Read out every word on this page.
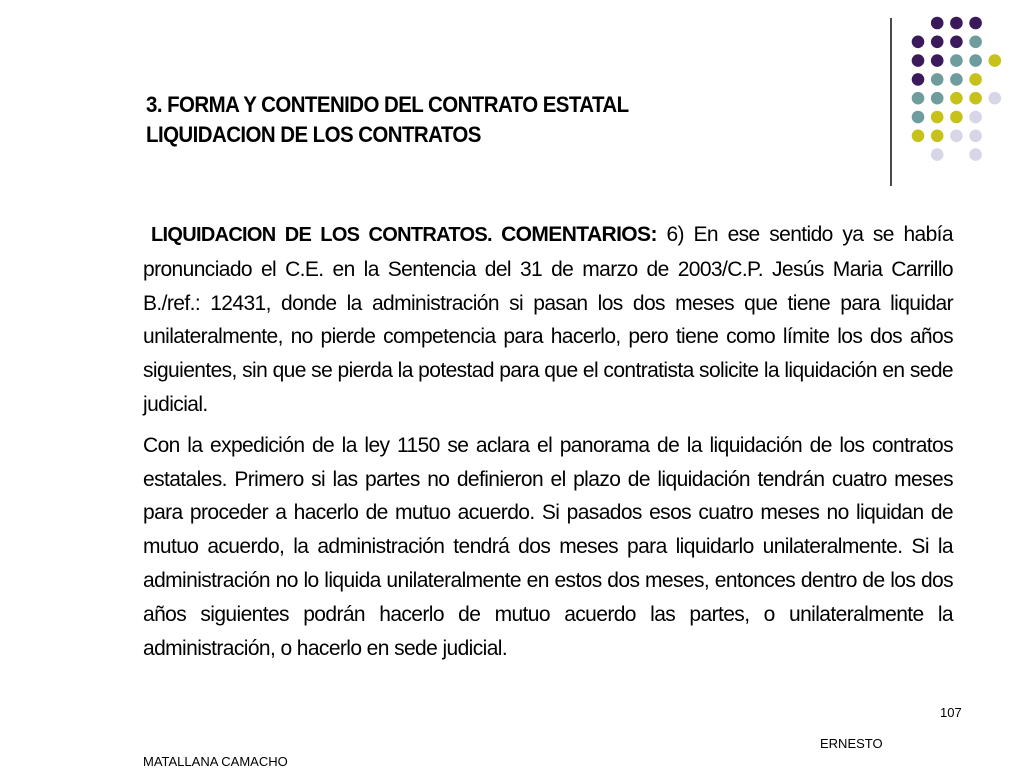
3. FORMA Y CONTENIDO DEL CONTRATO ESTATAL
LIQUIDACION DE LOS CONTRATOS

LIQUIDACION DE LOS CONTRATOS. COMENTARIOS: 6) En ese sentido ya se había pronunciado el C.E. en la Sentencia del 31 de marzo de 2003/C.P. Jesús Maria Carrillo B./ref.: 12431, donde la administración si pasan los dos meses que tiene para liquidar unilateralmente, no pierde competencia para hacerlo, pero tiene como límite los dos años siguientes, sin que se pierda la potestad para que el contratista solicite la liquidación en sede judicial.

Con la expedición de la ley 1150 se aclara el panorama de la liquidación de los contratos estatales. Primero si las partes no definieron el plazo de liquidación tendrán cuatro meses para proceder a hacerlo de mutuo acuerdo. Si pasados esos cuatro meses no liquidan de mutuo acuerdo, la administración tendrá dos meses para liquidarlo unilateralmente. Si la administración no lo liquida unilateralmente en estos dos meses, entonces dentro de los dos años siguientes podrán hacerlo de mutuo acuerdo las partes, o unilateralmente la administración, o hacerlo en sede judicial.

107
ERNESTO
MATALLANA CAMACHO
